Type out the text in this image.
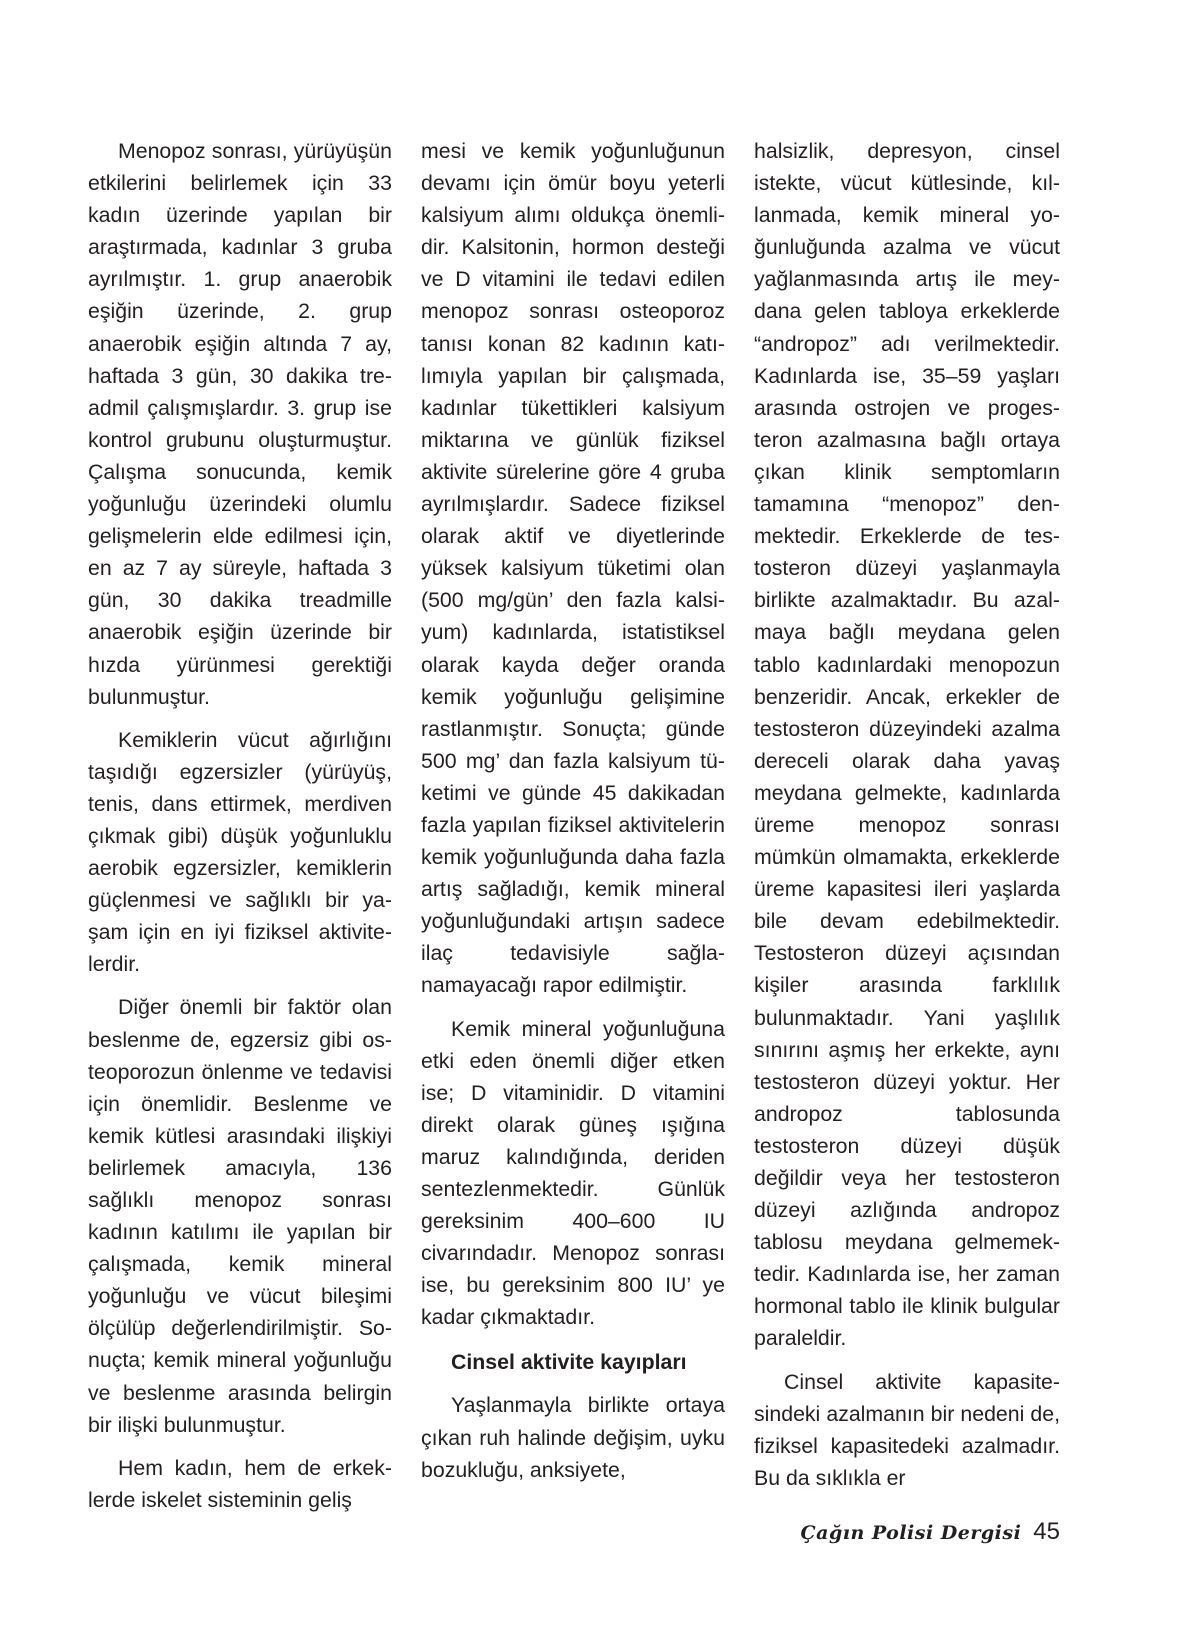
Menopoz sonrası, yürüyüşün etkilerini belirlemek için 33 kadın üzerinde yapılan bir araştırmada, kadınlar 3 gruba ayrılmıştır. 1. grup anaerobik eşiğin üzerinde, 2. grup anaerobik eşiğin altında 7 ay, haftada 3 gün, 30 dakika treadmil çalışmışlardır. 3. grup ise kontrol grubunu oluşturmuştur. Çalışma sonucunda, kemik yoğunluğu üzerindeki olumlu gelişmelerin elde edilmesi için, en az 7 ay süreyle, haftada 3 gün, 30 dakika treadmille anaerobik eşiğin üzerinde bir hızda yürünmesi gerektiği bulunmuştur.

Kemiklerin vücut ağırlığını taşıdığı egzersizler (yürüyüş, tenis, dans ettirmek, merdiven çıkmak gibi) düşük yoğunluklu aerobik egzersizler, kemiklerin güçlenmesi ve sağlıklı bir yaşam için en iyi fiziksel aktivitelerdir.

Diğer önemli bir faktör olan beslenme de, egzersiz gibi osteoporozun önlenme ve tedavisi için önemlidir. Beslenme ve kemik kütlesi arasındaki ilişkiyi belirlemek amacıyla, 136 sağlıklı menopoz sonrası kadının katılımı ile yapılan bir çalışmada, kemik mineral yoğunluğu ve vücut bileşimi ölçülüp değerlendirilmiştir. Sonuçta; kemik mineral yoğunluğu ve beslenme arasında belirgin bir ilişki bulunmuştur.

Hem kadın, hem de erkeklerde iskelet sisteminin geliş

mesi ve kemik yoğunluğunun devamı için ömür boyu yeterli kalsiyum alımı oldukça önemlidir. Kalsitonin, hormon desteği ve D vitamini ile tedavi edilen menopoz sonrası osteoporoz tanısı konan 82 kadının katılımıyla yapılan bir çalışmada, kadınlar tükettikleri kalsiyum miktarına ve günlük fiziksel aktivite sürelerine göre 4 gruba ayrılmışlardır. Sadece fiziksel olarak aktif ve diyetlerinde yüksek kalsiyum tüketimi olan (500 mg/gün’ den fazla kalsiyum) kadınlarda, istatistiksel olarak kayda değer oranda kemik yoğunluğu gelişimine rastlanmıştır. Sonuçta; günde 500 mg’ dan fazla kalsiyum tüketimi ve günde 45 dakikadan fazla yapılan fiziksel aktivitelerin kemik yoğunluğunda daha fazla artış sağladığı, kemik mineral yoğunluğundaki artışın sadece ilaç tedavisiyle sağlanamayacağı rapor edilmiştir.

Kemik mineral yoğunluğuna etki eden önemli diğer etken ise; D vitaminidir. D vitamini direkt olarak güneş ışığına maruz kalındığında, deriden sentezlenmektedir. Günlük gereksinim 400–600 IU civarındadır. Menopoz sonrası ise, bu gereksinim 800 IU’ ye kadar çıkmaktadır.

Cinsel aktivite kayıpları

Yaşlanmayla birlikte ortaya çıkan ruh halinde değişim, uyku bozukluğu, anksiyete,

halsizlik, depresyon, cinsel istekte, vücut kütlesinde, kıllanmada, kemik mineral yoğunluğunda azalma ve vücut yağlanmasında artış ile meydana gelen tabloya erkeklerde “andropoz” adı verilmektedir. Kadınlarda ise, 35–59 yaşları arasında ostrojen ve progesteron azalmasına bağlı ortaya çıkan klinik semptomların tamamına “menopoz” denmektedir. Erkeklerde de testosteron düzeyi yaşlanmayla birlikte azalmaktadır. Bu azalmaya bağlı meydana gelen tablo kadınlardaki menopozun benzeridir. Ancak, erkekler de testosteron düzeyindeki azalma dereceli olarak daha yavaş meydana gelmekte, kadınlarda üreme menopoz sonrası mümkün olmamakta, erkeklerde üreme kapasitesi ileri yaşlarda bile devam edebilmektedir. Testosteron düzeyi açısından kişiler arasında farklılık bulunmaktadır. Yani yaşlılık sınırını aşmış her erkekte, aynı testosteron düzeyi yoktur. Her andropoz tablosunda testosteron düzeyi düşük değildir veya her testosteron düzeyi azlığında andropoz tablosu meydana gelmemektedir. Kadınlarda ise, her zaman hormonal tablo ile klinik bulgular paraleldir.

Cinsel aktivite kapasitesindeki azalmanın bir nedeni de, fiziksel kapasitedeki azalmadır. Bu da sıklıkla er

Çağın Polisi Dergisi 45
